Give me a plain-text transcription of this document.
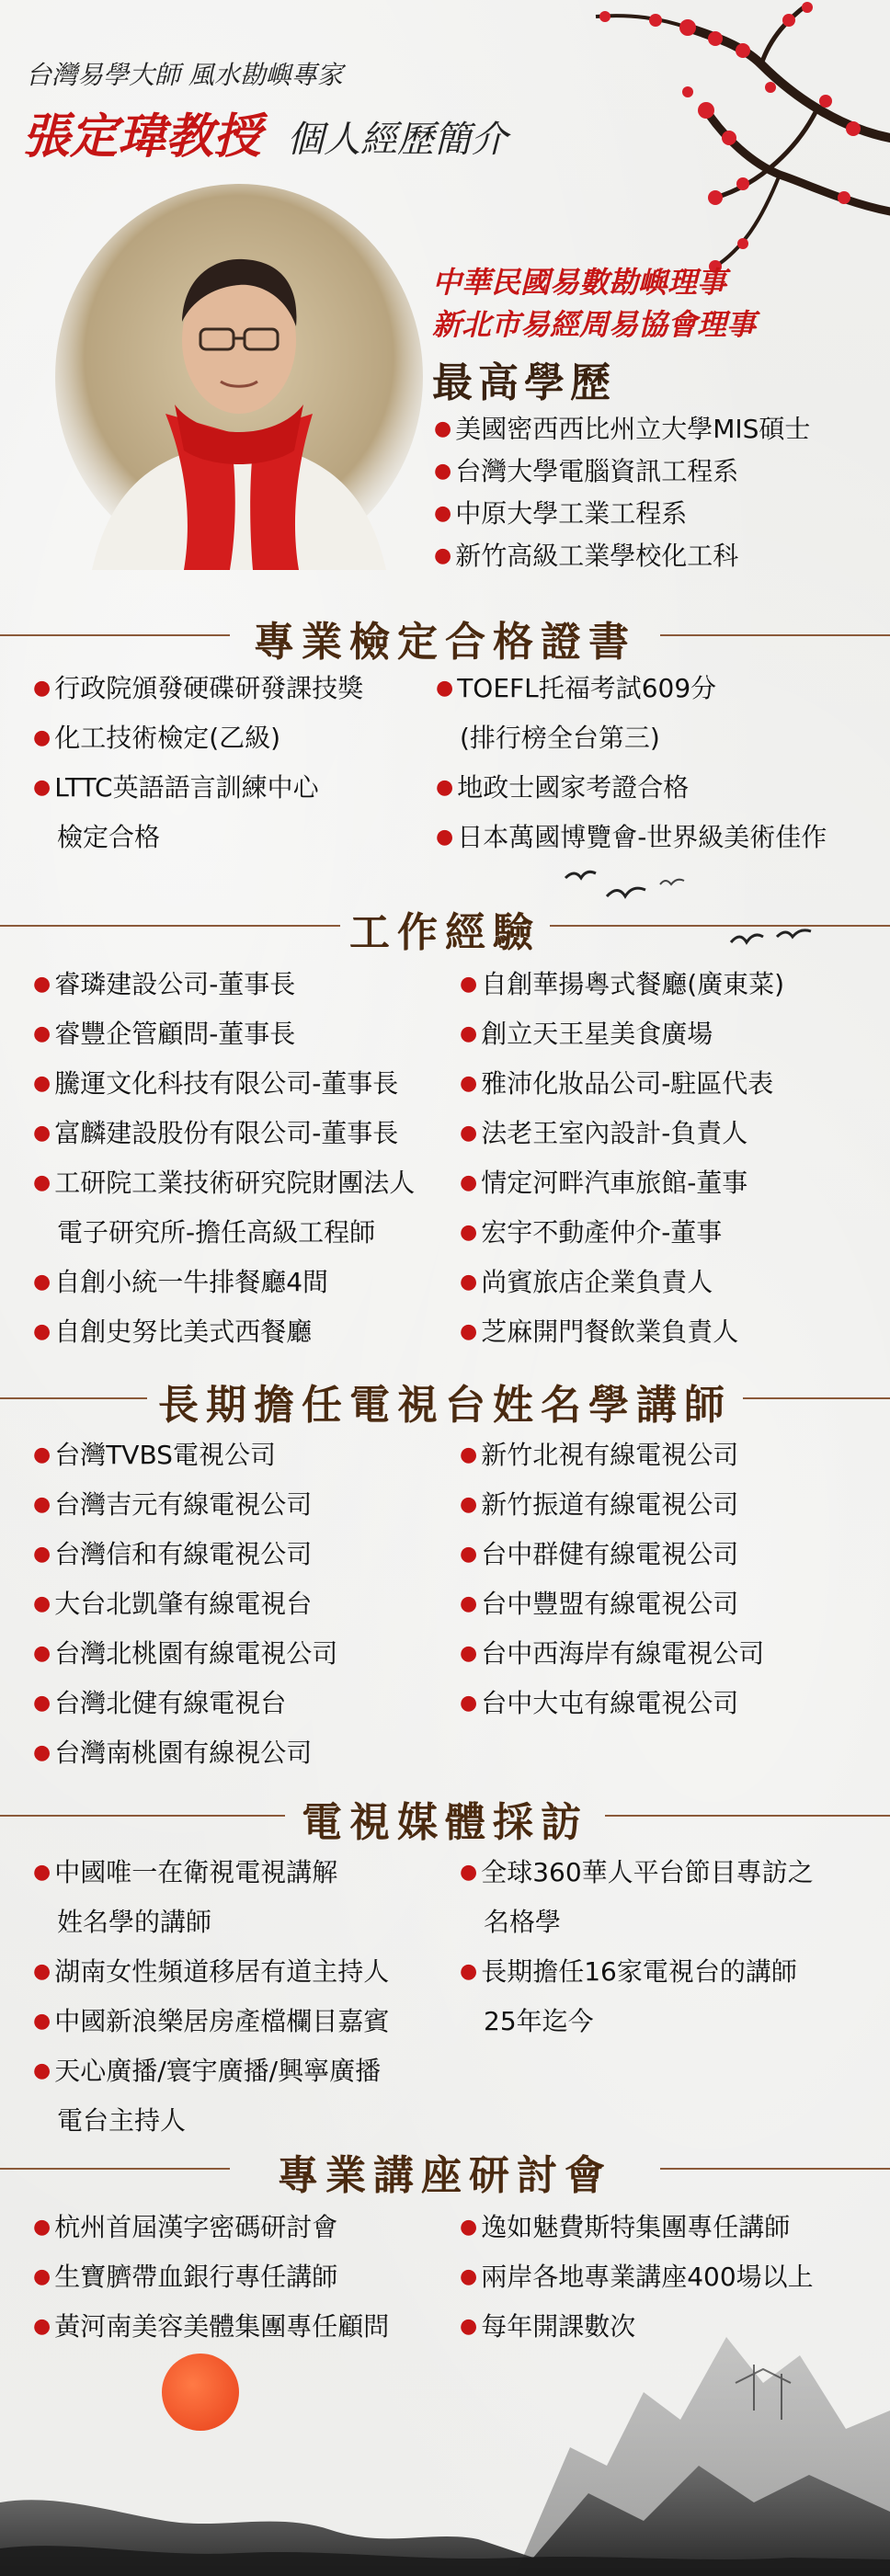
台灣易學大師 風水勘嶼專家
張定瑋教授 個人經歷簡介
中華民國易數勘嶼理事
新北市易經周易協會理事
最高學歷
● 美國密西西比州立大學MIS碩士
● 台灣大學電腦資訊工程系
● 中原大學工業工程系
● 新竹高級工業學校化工科
專業檢定合格證書
● 行政院頒發硬碟研發課技獎
● 化工技術檢定(乙級)
● LTTC英語語言訓練中心
檢定合格
● TOEFL托福考試609分
(排行榜全台第三)
● 地政士國家考證合格
● 日本萬國博覽會-世界級美術佳作
工作經驗
● 睿璘建設公司-董事長
● 睿豐企管顧問-董事長
● 騰運文化科技有限公司-董事長
● 富麟建設股份有限公司-董事長
● 工研院工業技術研究院財團法人
電子研究所-擔任高級工程師
● 自創小統一牛排餐廳4間
● 自創史努比美式西餐廳
● 自創華揚粵式餐廳(廣東菜)
● 創立天王星美食廣場
● 雅沛化妝品公司-駐區代表
● 法老王室內設計-負責人
● 情定河畔汽車旅館-董事
● 宏宇不動產仲介-董事
● 尚賓旅店企業負責人
● 芝麻開門餐飲業負責人
長期擔任電視台姓名學講師
● 台灣TVBS電視公司
● 台灣吉元有線電視公司
● 台灣信和有線電視公司
● 大台北凱肇有線電視台
● 台灣北桃園有線電視公司
● 台灣北健有線電視台
● 台灣南桃園有線視公司
● 新竹北視有線電視公司
● 新竹振道有線電視公司
● 台中群健有線電視公司
● 台中豐盟有線電視公司
● 台中西海岸有線電視公司
● 台中大屯有線電視公司
電視媒體採訪
● 中國唯一在衛視電視講解
姓名學的講師
● 湖南女性頻道移居有道主持人
● 中國新浪樂居房產檔欄目嘉賓
● 天心廣播/寰宇廣播/興寧廣播
電台主持人
● 全球360華人平台節目專訪之
名格學
● 長期擔任16家電視台的講師
25年迄今
專業講座研討會
● 杭州首屆漢字密碼研討會
● 生寶臍帶血銀行專任講師
● 黃河南美容美體集團專任顧問
● 逸如魅費斯特集團專任講師
● 兩岸各地專業講座400場以上
● 每年開課數次
